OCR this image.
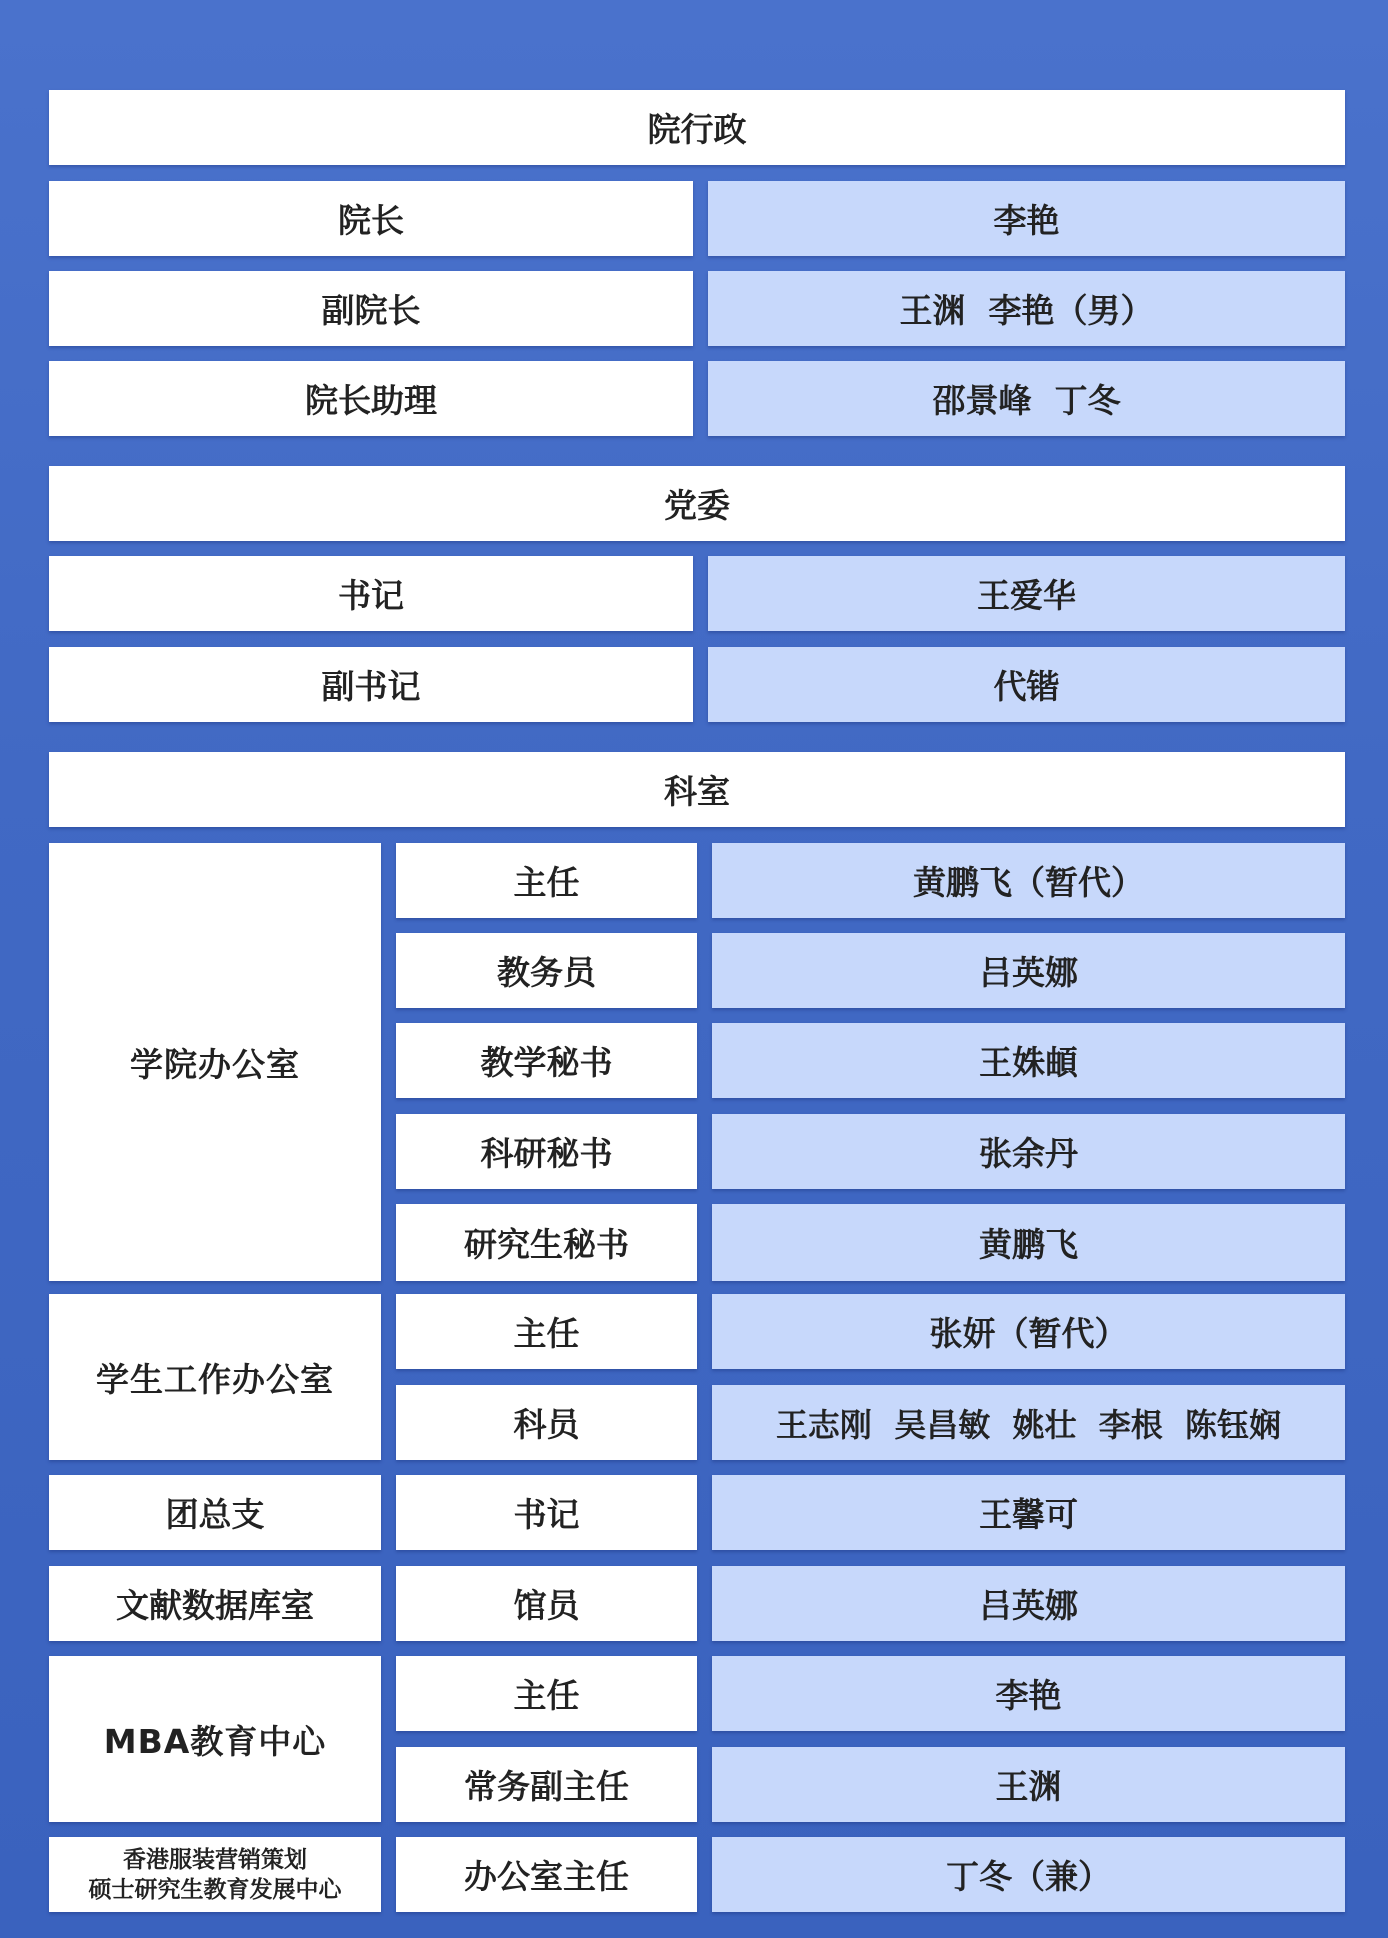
院行政
院长	李艳
副院长	王渊  李艳（男）
院长助理	邵景峰  丁冬
党委
书记	王爱华
副书记	代锴
科室
学院办公室
主任	黄鹏飞（暂代）
教务员	吕英娜
教学秘书	王姝頔
科研秘书	张余丹
研究生秘书	黄鹏飞
学生工作办公室
主任	张妍（暂代）
科员	王志刚  吴昌敏  姚壮  李根  陈钰娴
团总支	书记	王馨可
文献数据库室	馆员	吕英娜
MBA教育中心
主任	李艳
常务副主任	王渊
香港服装营销策划
硕士研究生教育发展中心	办公室主任	丁冬（兼）
